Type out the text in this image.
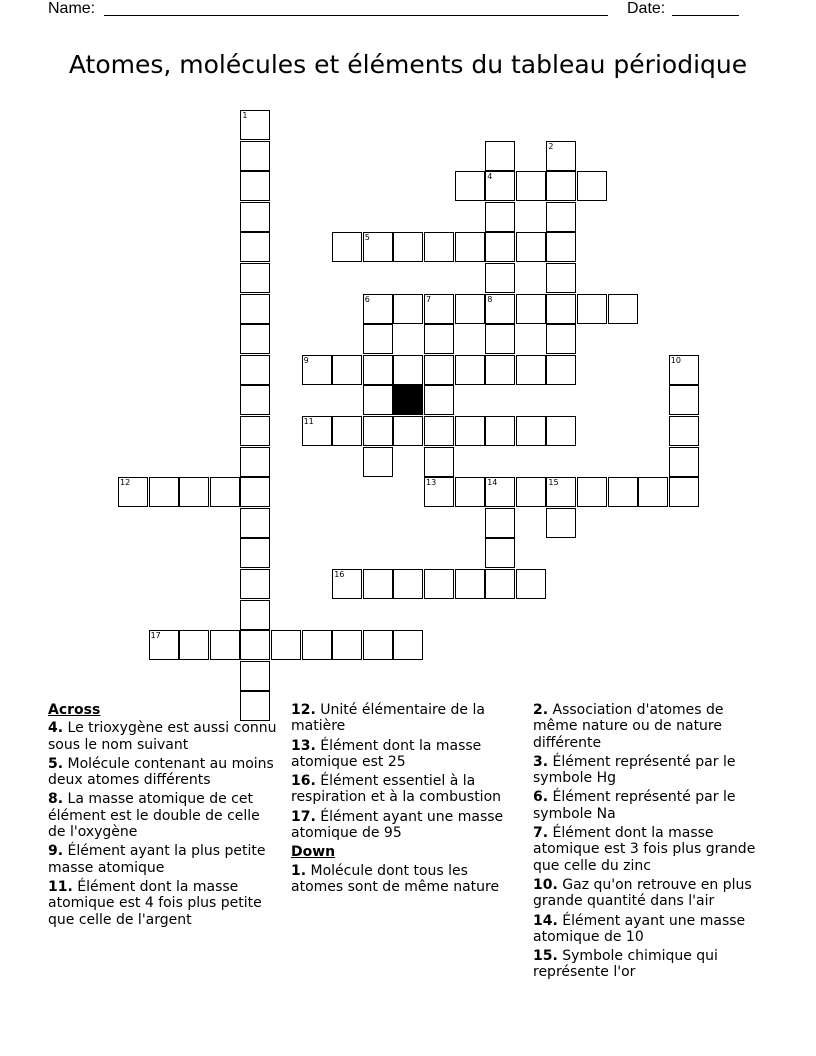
Name:	Date:
Atomes, molécules et éléments du tableau périodique
1
4
8
2
5
6	7
9	10
11
12	13	14	15
16
17
Across
4. Le trioxygène est aussi connu sous le nom suivant
5. Molécule contenant au moins deux atomes différents
8. La masse atomique de cet élément est le double de celle de l'oxygène
9. Élément ayant la plus petite masse atomique
11. Élément dont la masse atomique est 4 fois plus petite que celle de l'argent
12. Unité élémentaire de la matière
13. Élément dont la masse atomique est 25
16. Élément essentiel à la respiration et à la combustion
17. Élément ayant une masse atomique de 95
Down
1. Molécule dont tous les atomes sont de même nature
2. Association d'atomes de même nature ou de nature différente
3. Élément représenté par le symbole Hg
6. Élément représenté par le symbole Na
7. Élément dont la masse atomique est 3 fois plus grande que celle du zinc
10. Gaz qu'on retrouve en plus grande quantité dans l'air
14. Élément ayant une masse atomique de 10
15. Symbole chimique qui représente l'or
